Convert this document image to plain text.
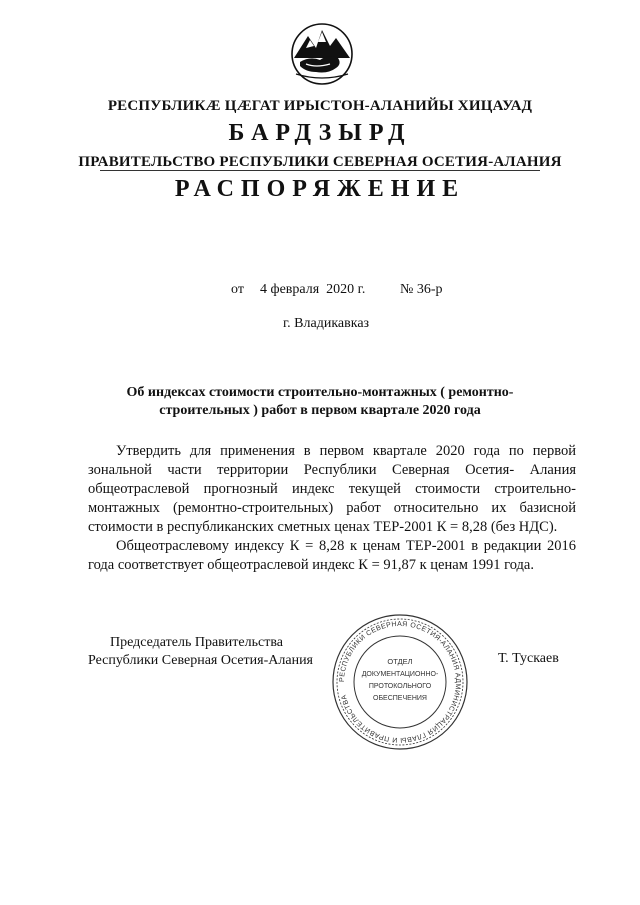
РЕСПУБЛИКӔ ЦӔГАТ ИРЫСТОН-АЛАНИЙЫ ХИЦАУАД
БАРДЗЫРД
ПРАВИТЕЛЬСТВО РЕСПУБЛИКИ СЕВЕРНАЯ ОСЕТИЯ-АЛАНИЯ
РАСПОРЯЖЕНИЕ
от 4 февраля  2020 г. № 36-р
г. Владикавказ
Об индексах стоимости строительно-монтажных ( ремонтно-
строительных ) работ в первом квартале 2020 года
Утвердить для применения в первом квартале 2020 года по первой зональной части территории Республики Северная Осетия- Алания общеотраслевой прогнозный индекс текущей стоимости строительно-монтажных (ремонтно-строительных) работ относительно их базисной стоимости в республиканских сметных ценах ТЕР-2001 К = 8,28 (без НДС).
Общеотраслевому индексу К = 8,28 к ценам ТЕР-2001 в редакции 2016 года соответствует общеотраслевой индекс К = 91,87 к ценам 1991 года.
Председатель Правительства
Республики Северная Осетия-Алания	Т. Тускаев
РЕСПУБЛИКИ СЕВЕРНАЯ ОСЕТИЯ-АЛАНИЯ АДМИНИСТРАЦИЯ ГЛАВЫ И ПРАВИТЕЛЬСТВА
ОТДЕЛ
ДОКУМЕНТАЦИОННО-
ПРОТОКОЛЬНОГО
ОБЕСПЕЧЕНИЯ
